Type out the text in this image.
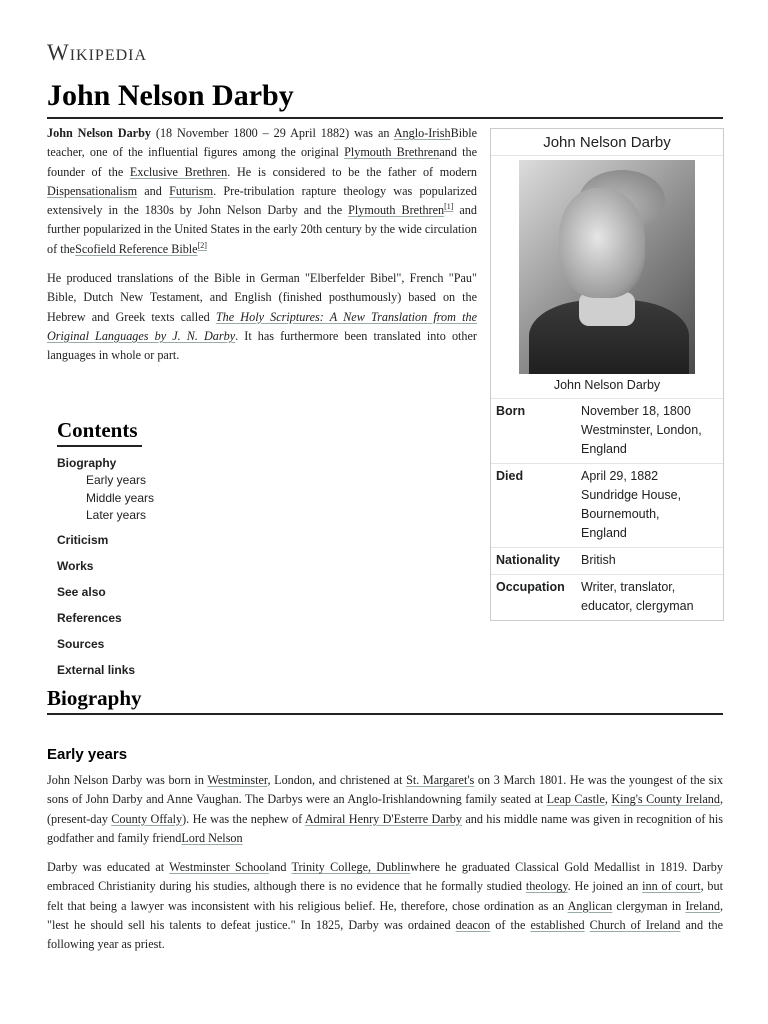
Wikipedia
John Nelson Darby

John Nelson Darby (18 November 1800 – 29 April 1882) was an Anglo-IrishBible teacher, one of the influential figures among the original Plymouth Brethrenand the founder of the Exclusive Brethren. He is considered to be the father of modern Dispensationalism and Futurism. Pre-tribulation rapture theology was popularized extensively in the 1830s by John Nelson Darby and the Plymouth Brethren[1] and further popularized in the United States in the early 20th century by the wide circulation of theScofield Reference Bible[2]

He produced translations of the Bible in German "Elberfelder Bibel", French "Pau" Bible, Dutch New Testament, and English (finished posthumously) based on the Hebrew and Greek texts called The Holy Scriptures: A New Translation from the Original Languages by J. N. Darby. It has furthermore been translated into other languages in whole or part.

John Nelson Darby
John Nelson Darby
Born	November 18, 1800
Westminster, London,
England
Died	April 29, 1882
Sundridge House,
Bournemouth,
England
Nationality	British
Occupation	Writer, translator,
educator, clergyman
Contents
Biography
Early years
Middle years
Later years
Criticism
Works
See also
References
Sources
External links
Biography
Early years

John Nelson Darby was born in Westminster, London, and christened at St. Margaret's on 3 March 1801. He was the youngest of the six sons of John Darby and Anne Vaughan. The Darbys were an Anglo-Irishlandowning family seated at Leap Castle, King's County Ireland, (present-day County Offaly). He was the nephew of Admiral Henry D'Esterre Darby and his middle name was given in recognition of his godfather and family friendLord Nelson

Darby was educated at Westminster Schooland Trinity College, Dublinwhere he graduated Classical Gold Medallist in 1819. Darby embraced Christianity during his studies, although there is no evidence that he formally studied theology. He joined an inn of court, but felt that being a lawyer was inconsistent with his religious belief. He, therefore, chose ordination as an Anglican clergyman in Ireland, "lest he should sell his talents to defeat justice." In 1825, Darby was ordained deacon of the established Church of Ireland and the following year as priest.
